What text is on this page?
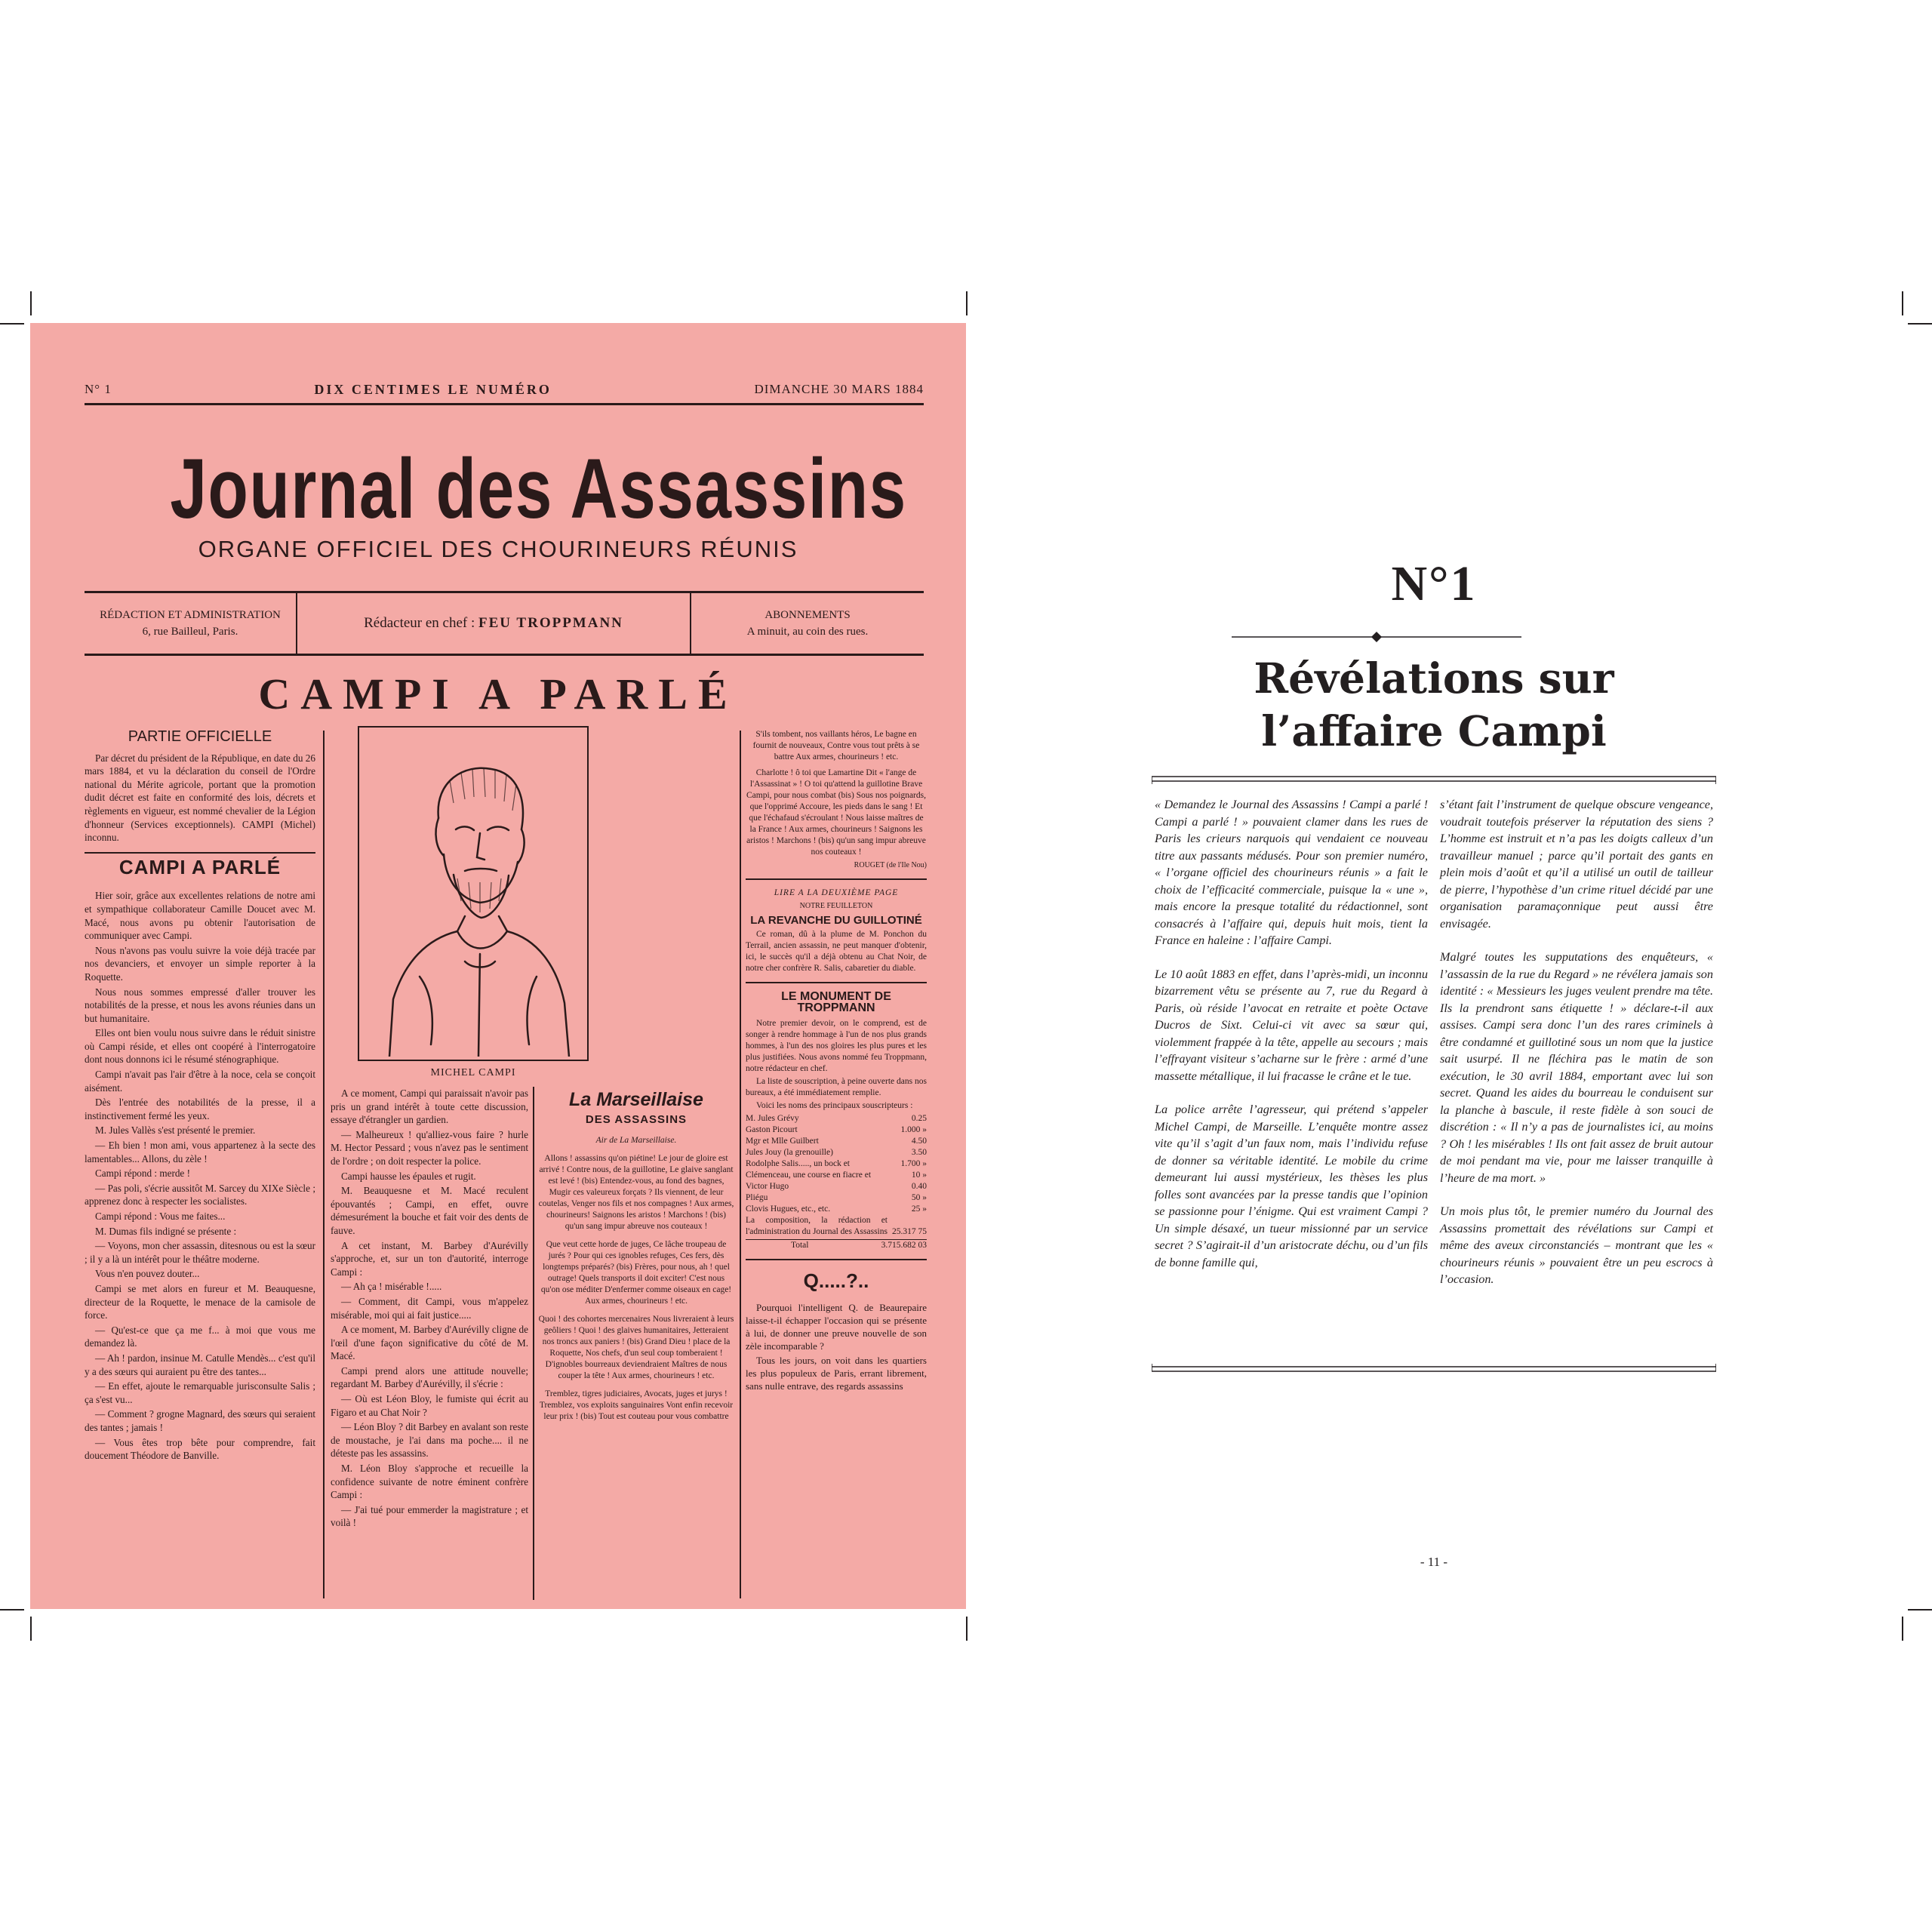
N° 1	DIX CENTIMES LE NUMÉRO	DIMANCHE 30 MARS 1884
Journal des Assassins
ORGANE OFFICIEL DES CHOURINEURS RÉUNIS
RÉDACTION ET ADMINISTRATION
6, rue Bailleul, Paris.
Rédacteur en chef : FEU TROPPMANN	ABONNEMENTS
A minuit, au coin des rues.
CAMPI A PARLÉ

PARTIE OFFICIELLE

Par décret du président de la République, en date du 26 mars 1884, et vu la déclaration du conseil de l'Ordre national du Mérite agricole, portant que la promotion dudit décret est faite en conformité des lois, décrets et règlements en vigueur, est nommé chevalier de la Légion d'honneur (Services exceptionnels). CAMPI (Michel) inconnu.

CAMPI A PARLÉ

Hier soir, grâce aux excellentes relations de notre ami et sympathique collaborateur Camille Doucet avec M. Macé, nous avons pu obtenir l'autorisation de communiquer avec Campi.

Nous n'avons pas voulu suivre la voie déjà tracée par nos devanciers, et envoyer un simple reporter à la Roquette.

Nous nous sommes empressé d'aller trouver les notabilités de la presse, et nous les avons réunies dans un but humanitaire.

Elles ont bien voulu nous suivre dans le réduit sinistre où Campi réside, et elles ont coopéré à l'interrogatoire dont nous donnons ici le résumé sténographique.

Campi n'avait pas l'air d'être à la noce, cela se conçoit aisément.

Dès l'entrée des notabilités de la presse, il a instinctivement fermé les yeux.

M. Jules Vallès s'est présenté le premier.

— Eh bien ! mon ami, vous appartenez à la secte des lamentables... Allons, du zèle !

Campi répond : merde !

— Pas poli, s'écrie aussitôt M. Sarcey du XIXe Siècle ; apprenez donc à respecter les socialistes.

Campi répond : Vous me faites...

M. Dumas fils indigné se présente :

— Voyons, mon cher assassin, ditesnous ou est la sœur ; il y a là un intérêt pour le théâtre moderne.

Vous n'en pouvez douter...

Campi se met alors en fureur et M. Beauquesne, directeur de la Roquette, le menace de la camisole de force.

— Qu'est-ce que ça me f... à moi que vous me demandez là.

— Ah ! pardon, insinue M. Catulle Mendès... c'est qu'il y a des sœurs qui auraient pu être des tantes...

— En effet, ajoute le remarquable jurisconsulte Salis ; ça s'est vu...

— Comment ? grogne Magnard, des sœurs qui seraient des tantes ; jamais !

— Vous êtes trop bête pour comprendre, fait doucement Théodore de Banville.

MICHEL CAMPI

A ce moment, Campi qui paraissait n'avoir pas pris un grand intérêt à toute cette discussion, essaye d'étrangler un gardien.

— Malheureux ! qu'alliez-vous faire ? hurle M. Hector Pessard ; vous n'avez pas le sentiment de l'ordre ; on doit respecter la police.

Campi hausse les épaules et rugit.

M. Beauquesne et M. Macé reculent épouvantés ; Campi, en effet, ouvre démesurément la bouche et fait voir des dents de fauve.

A cet instant, M. Barbey d'Aurévilly s'approche, et, sur un ton d'autorité, interroge Campi :

— Ah ça ! misérable !.....

— Comment, dit Campi, vous m'appelez misérable, moi qui ai fait justice.....

A ce moment, M. Barbey d'Aurévilly cligne de l'œil d'une façon significative du côté de M. Macé.

Campi prend alors une attitude nouvelle; regardant M. Barbey d'Aurévilly, il s'écrie :

— Où est Léon Bloy, le fumiste qui écrit au Figaro et au Chat Noir ?

— Léon Bloy ? dit Barbey en avalant son reste de moustache, je l'ai dans ma poche.... il ne déteste pas les assassins.

M. Léon Bloy s'approche et recueille la confidence suivante de notre éminent confrère Campi :

— J'ai tué pour emmerder la magistrature ; et voilà !

La Marseillaise
DES ASSASSINS

Air de La Marseillaise.

Allons ! assassins qu'on piétine! Le jour de gloire est arrivé ! Contre nous, de la guillotine, Le glaive sanglant est levé ! (bis) Entendez-vous, au fond des bagnes, Mugir ces valeureux forçats ? Ils viennent, de leur coutelas, Venger nos fils et nos compagnes ! Aux armes, chourineurs! Saignons les aristos ! Marchons ! (bis) qu'un sang impur abreuve nos couteaux !

Que veut cette horde de juges, Ce lâche troupeau de jurés ? Pour qui ces ignobles refuges, Ces fers, dès longtemps préparés? (bis) Frères, pour nous, ah ! quel outrage! Quels transports il doit exciter! C'est nous qu'on ose méditer D'enfermer comme oiseaux en cage! Aux armes, chourineurs ! etc.

Quoi ! des cohortes mercenaires Nous livreraient à leurs geôliers ! Quoi ! des glaives humanitaires, Jetteraient nos troncs aux paniers ! (bis) Grand Dieu ! place de la Roquette, Nos chefs, d'un seul coup tomberaient ! D'ignobles bourreaux deviendraient Maîtres de nous couper la tête ! Aux armes, chourineurs ! etc.

Tremblez, tigres judiciaires, Avocats, juges et jurys ! Tremblez, vos exploits sanguinaires Vont enfin recevoir leur prix ! (bis) Tout est couteau pour vous combattre

S'ils tombent, nos vaillants héros, Le bagne en fournit de nouveaux, Contre vous tout prêts à se battre Aux armes, chourineurs ! etc.

Charlotte ! ô toi que Lamartine Dit « l'ange de l'Assassinat » ! O toi qu'attend la guillotine Brave Campi, pour nous combat (bis) Sous nos poignards, que l'opprimé Accoure, les pieds dans le sang ! Et que l'échafaud s'écroulant ! Nous laisse maîtres de la France ! Aux armes, chourineurs ! Saignons les aristos ! Marchons ! (bis) qu'un sang impur abreuve nos couteaux !

ROUGET (de l'Ile Nou)

LIRE A LA DEUXIÈME PAGE

NOTRE FEUILLETON

LA REVANCHE DU GUILLOTINÉ

Ce roman, dû à la plume de M. Ponchon du Terrail, ancien assassin, ne peut manquer d'obtenir, ici, le succès qu'il a déjà obtenu au Chat Noir, de notre cher confrère R. Salis, cabaretier du diable.

LE MONUMENT DE TROPPMANN

Notre premier devoir, on le comprend, est de songer à rendre hommage à l'un de nos plus grands hommes, à l'un des nos gloires les plus pures et les plus justifiées. Nous avons nommé feu Troppmann, notre rédacteur en chef.

La liste de souscription, à peine ouverte dans nos bureaux, a été immédiatement remplie.

Voici les noms des principaux souscripteurs :

M. Jules Grévy	0.25
Gaston Picourt	1.000 »
Mgr et Mlle Guilbert	4.50
Jules Jouy (la grenouille)	3.50
Rodolphe Salis....., un bock et	1.700 »
Clémenceau, une course en fiacre et	10 »
Victor Hugo	0.40
Pliégu	50 »
Clovis Hugues, etc., etc.	25 »
La composition, la rédaction et l'administration du Journal des Assassins 25.317 75
Total	3.715.682 03

Q.....?..

Pourquoi l'intelligent Q. de Beaurepaire laisse-t-il échapper l'occasion qui se présente à lui, de donner une preuve nouvelle de son zèle incomparable ?

Tous les jours, on voit dans les quartiers les plus populeux de Paris, errant librement, sans nulle entrave, des regards assassins

N°1
Révélations sur
l’affaire Campi

« Demandez le Journal des Assassins ! Campi a parlé ! Campi a parlé ! » pouvaient clamer dans les rues de Paris les crieurs narquois qui vendaient ce nouveau titre aux passants médusés. Pour son premier numéro, « l’organe officiel des chourineurs réunis » a fait le choix de l’efficacité commerciale, puisque la « une », mais encore la presque totalité du rédactionnel, sont consacrés à l’affaire qui, depuis huit mois, tient la France en haleine : l’affaire Campi.

Le 10 août 1883 en effet, dans l’après-midi, un inconnu bizarrement vêtu se présente au 7, rue du Regard à Paris, où réside l’avocat en retraite et poète Octave Ducros de Sixt. Celui-ci vit avec sa sœur qui, violemment frappée à la tête, appelle au secours ; mais l’effrayant visiteur s’acharne sur le frère : armé d’une massette métallique, il lui fracasse le crâne et le tue.

La police arrête l’agresseur, qui prétend s’appeler Michel Campi, de Marseille. L’enquête montre assez vite qu’il s’agit d’un faux nom, mais l’individu refuse de donner sa véritable identité. Le mobile du crime demeurant lui aussi mystérieux, les thèses les plus folles sont avancées par la presse tandis que l’opinion se passionne pour l’énigme. Qui est vraiment Campi ? Un simple désaxé, un tueur missionné par un service secret ? S’agirait-il d’un aristocrate déchu, ou d’un fils de bonne famille qui,

s’étant fait l’instrument de quelque obscure vengeance, voudrait toutefois préserver la réputation des siens ? L’homme est instruit et n’a pas les doigts calleux d’un travailleur manuel ; parce qu’il portait des gants en plein mois d’août et qu’il a utilisé un outil de tailleur de pierre, l’hypothèse d’un crime rituel décidé par une organisation paramaçonnique peut aussi être envisagée.

Malgré toutes les supputations des enquêteurs, « l’assassin de la rue du Regard » ne révélera jamais son identité : « Messieurs les juges veulent prendre ma tête. Ils la prendront sans étiquette ! » déclare-t-il aux assises. Campi sera donc l’un des rares criminels à être condamné et guillotiné sous un nom que la justice sait usurpé. Il ne fléchira pas le matin de son exécution, le 30 avril 1884, emportant avec lui son secret. Quand les aides du bourreau le conduisent sur la planche à bascule, il reste fidèle à son souci de discrétion : « Il n’y a pas de journalistes ici, au moins ? Oh ! les misérables ! Ils ont fait assez de bruit autour de moi pendant ma vie, pour me laisser tranquille à l’heure de ma mort. »

Un mois plus tôt, le premier numéro du Journal des Assassins promettait des révélations sur Campi et même des aveux circonstanciés – montrant que les « chourineurs réunis » pouvaient être un peu escrocs à l’occasion.

- 11 -
